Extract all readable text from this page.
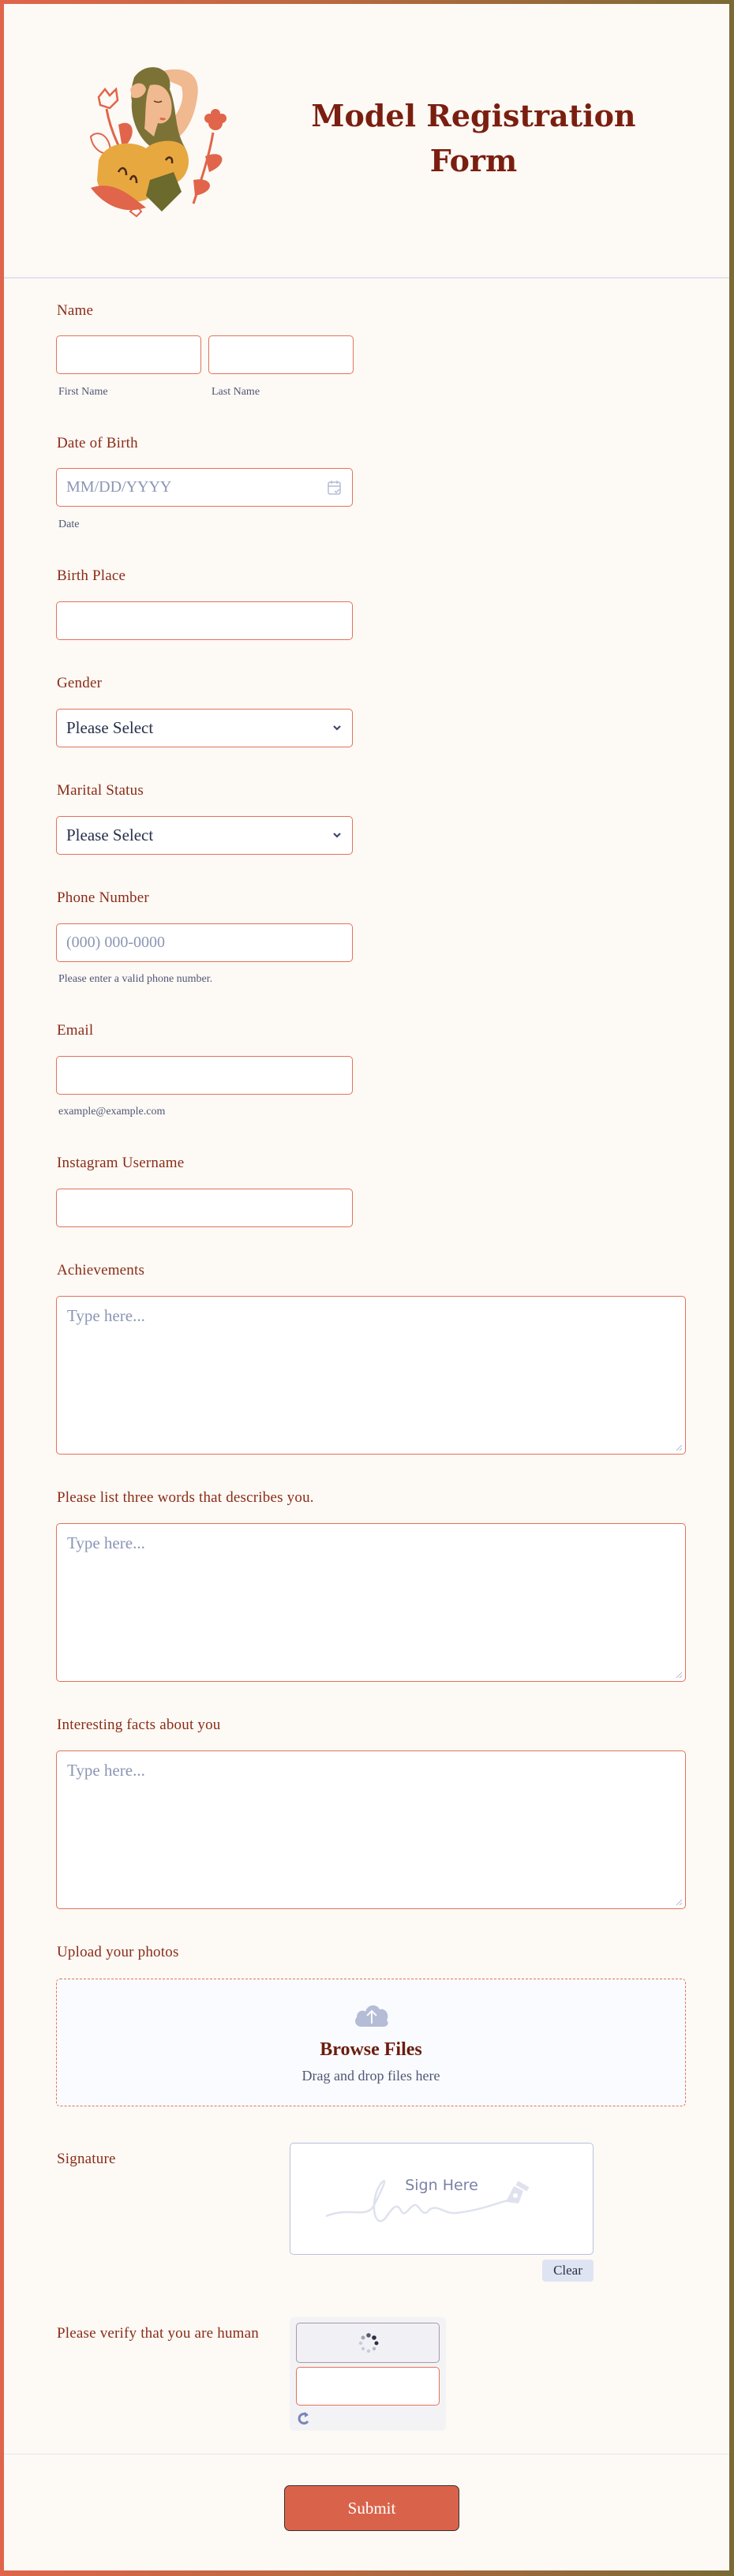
Model Registration Form
Name
First Name	Last Name
Date of Birth
MM/DD/YYYY
Date
Birth Place
Gender
Please Select
Marital Status
Please Select
Phone Number
(000) 000-0000
Please enter a valid phone number.
Email
example@example.com
Instagram Username
Achievements
Type here...
Please list three words that describes you.
Type here...
Interesting facts about you
Type here...
Upload your photos
Browse Files
Drag and drop files here
Signature
Sign Here
Clear
Please verify that you are human
Submit
